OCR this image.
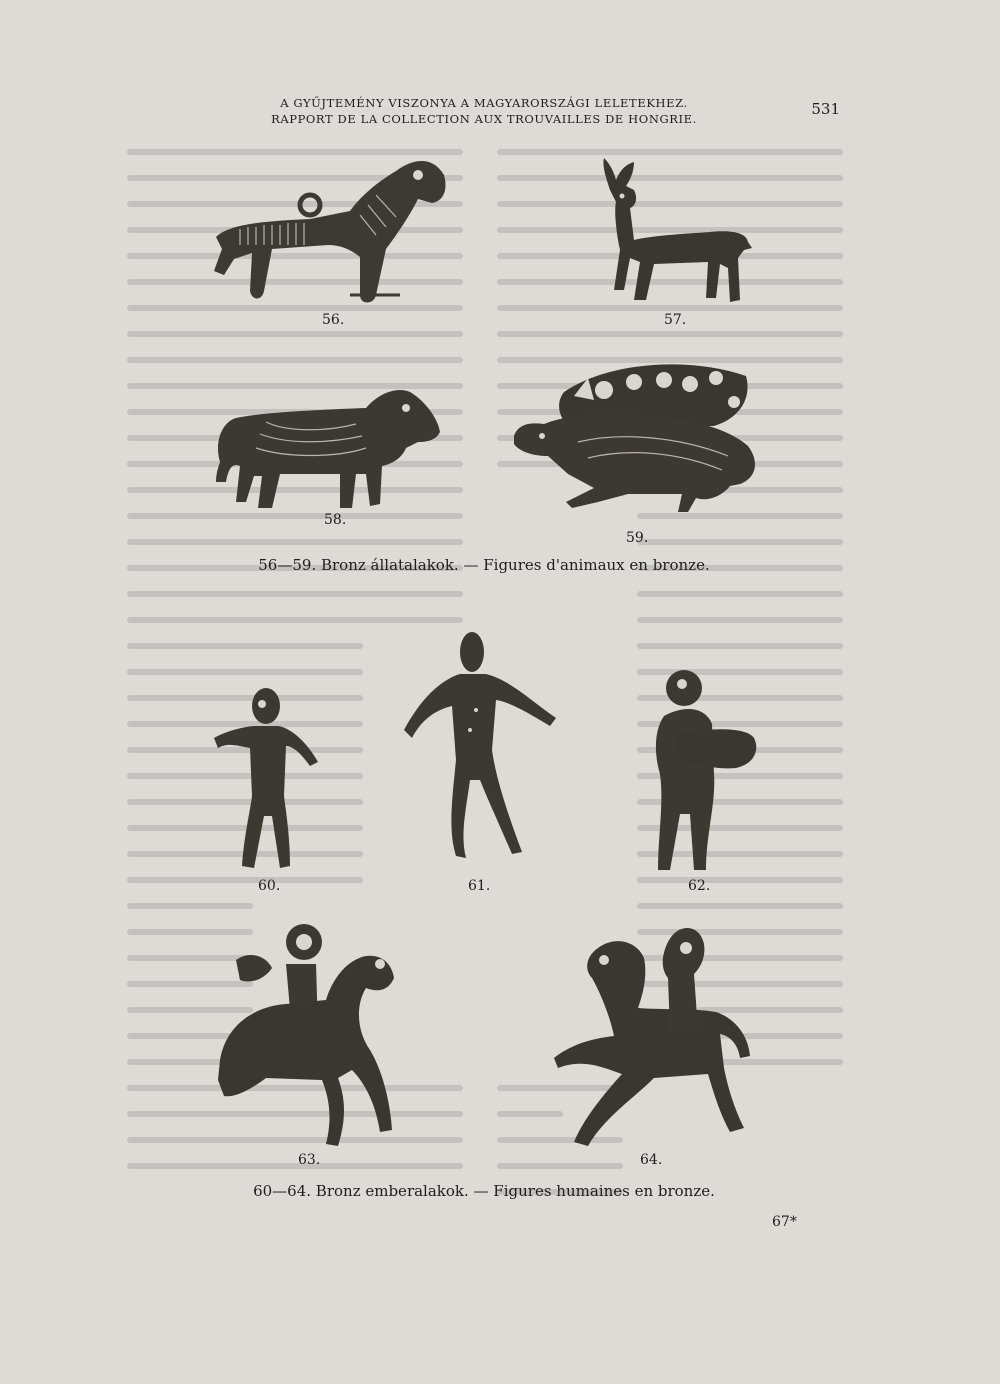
A GYŰJTEMÉNY VISZONYA A MAGYARORSZÁGI LELETEKHEZ.
RAPPORT DE LA COLLECTION AUX TROUVAILLES DE HONGRIE.
531
56.	57.
58.
59.
56—59. Bronz állatalakok. — Figures d'animaux en bronze.
60.	61.	62.
63.	64.
60—64. Bronz emberalakok. — Figures humaines en bronze.
67*
